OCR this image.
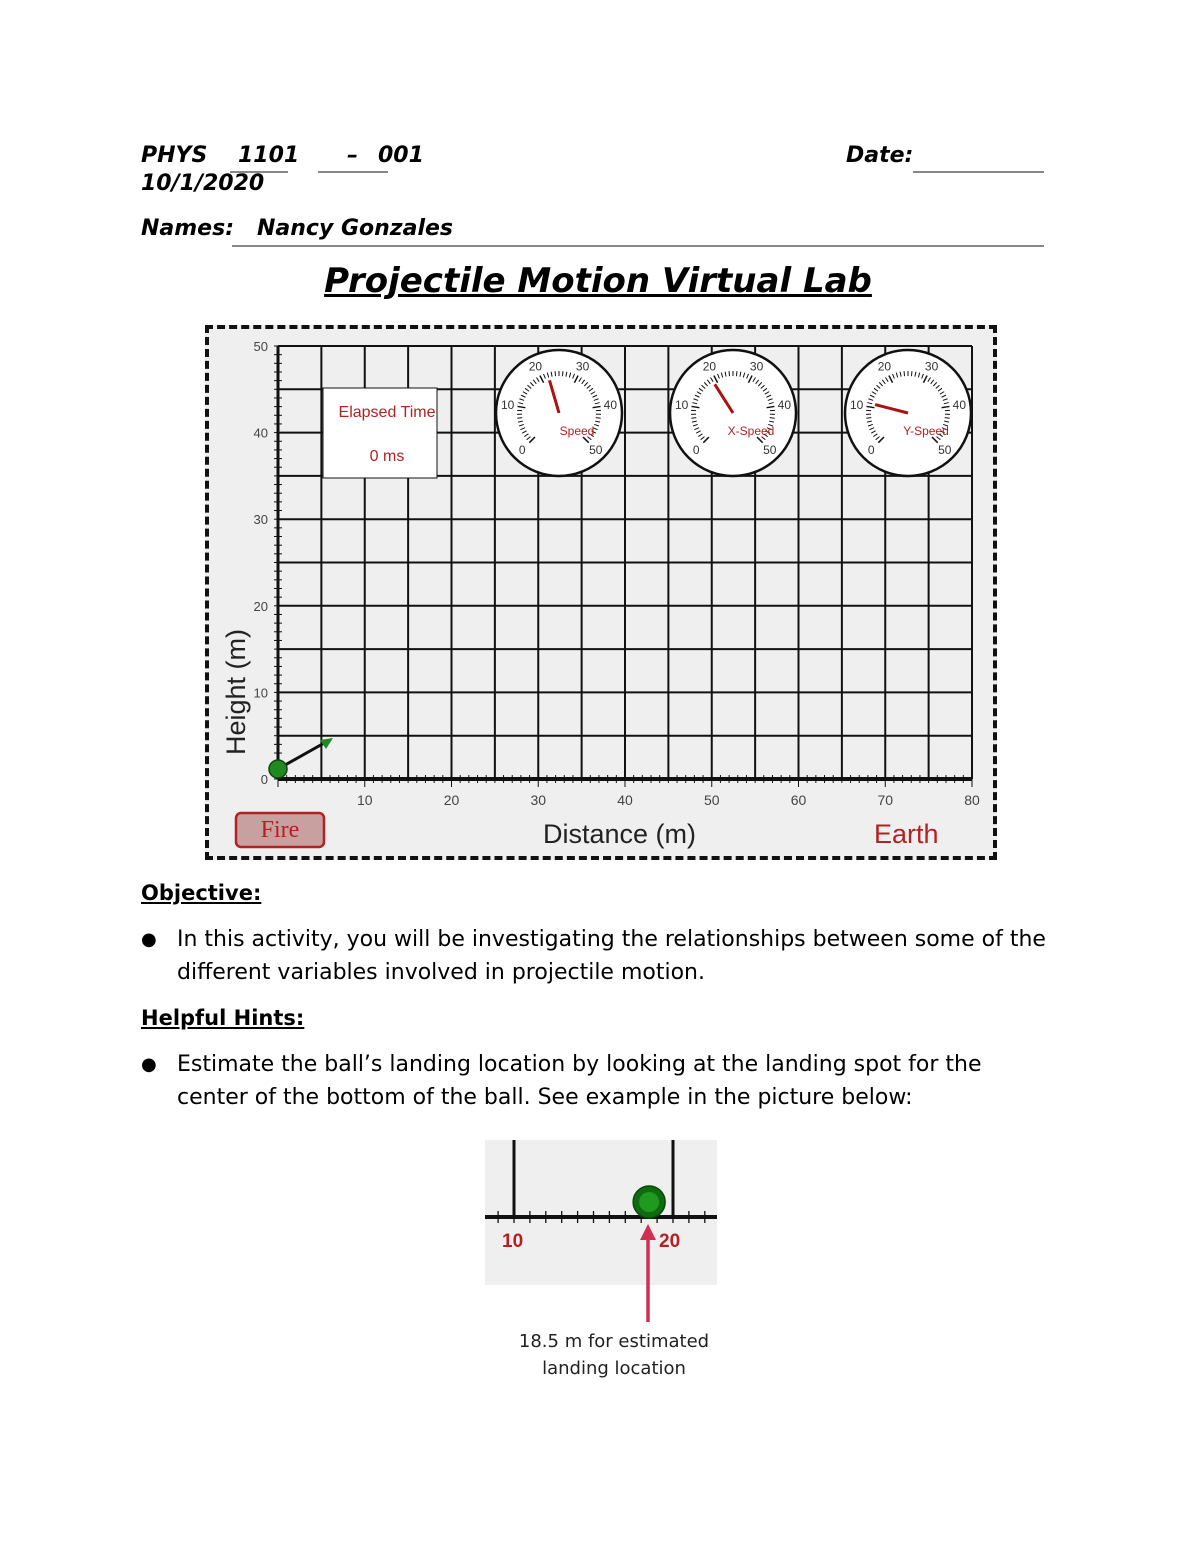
PHYS 1101 – 001	Date:
10/1/2020
Names: Nancy Gonzales
Projectile Motion Virtual Lab
0
10
20
30
40
50
10	20	30	40	50	60	70	80
Distance (m)
Height (m)
Elapsed Time
0 ms	0
10
20	30
40
50
Speed
0
10
20	30
40
50
X-Speed
0
10
20	30
40
50
Y-Speed
Fire	Earth
Objective:
● In this activity, you will be investigating the relationships between some of the different variables involved in projectile motion.
Helpful Hints:
● Estimate the ball’s landing location by looking at the landing spot for the center of the bottom of the ball. See example in the picture below:
10	20
18.5 m for estimated
landing location
